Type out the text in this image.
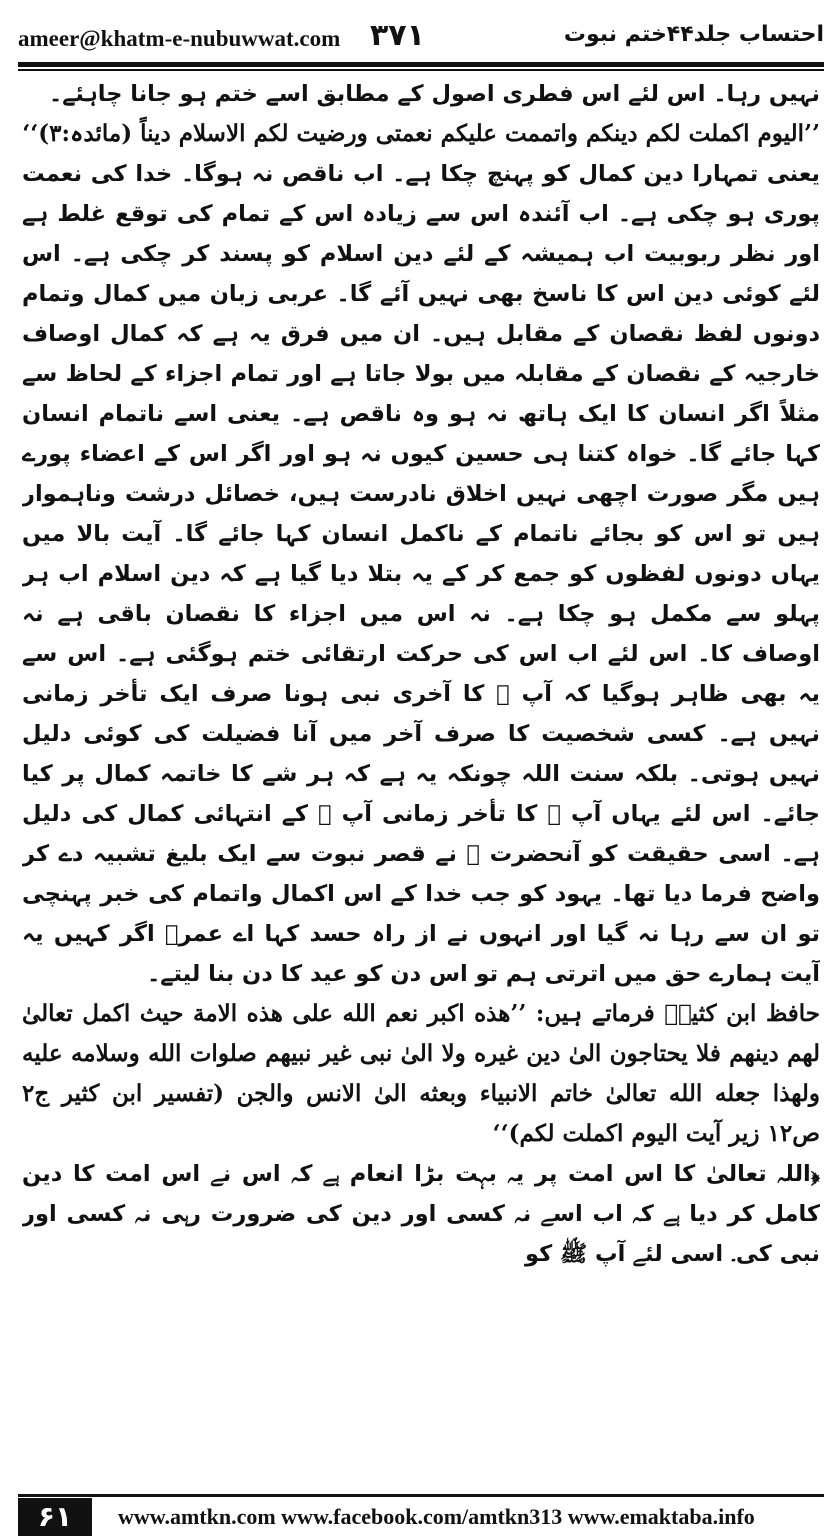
ameer@khatm-e-nubuwwat.com ۳۷۱	احتساب جلد۴۴ختم نبوت

نہیں رہا۔ اس لئے اس فطری اصول کے مطابق اسے ختم ہو جانا چاہئے۔

’’الیوم اکملت لکم دینکم واتممت علیکم نعمتی ورضیت لکم الاسلام دیناً (مائدہ:۳)‘‘

یعنی تمہارا دین کمال کو پہنچ چکا ہے۔ اب ناقص نہ ہوگا۔ خدا کی نعمت پوری ہو چکی ہے۔ اب آئندہ اس سے زیادہ اس کے تمام کی توقع غلط ہے اور نظر ربوبیت اب ہمیشہ کے لئے دین اسلام کو پسند کر چکی ہے۔ اس لئے کوئی دین اس کا ناسخ بھی نہیں آئے گا۔ عربی زبان میں کمال وتمام دونوں لفظ نقصان کے مقابل ہیں۔ ان میں فرق یہ ہے کہ کمال اوصاف خارجیہ کے نقصان کے مقابلہ میں بولا جاتا ہے اور تمام اجزاء کے لحاظ سے مثلاً اگر انسان کا ایک ہاتھ نہ ہو وہ ناقص ہے۔ یعنی اسے ناتمام انسان کہا جائے گا۔ خواہ کتنا ہی حسین کیوں نہ ہو اور اگر اس کے اعضاء پورے ہیں مگر صورت اچھی نہیں اخلاق نادرست ہیں، خصائل درشت وناہموار ہیں تو اس کو بجائے ناتمام کے ناکمل انسان کہا جائے گا۔ آیت بالا میں یہاں دونوں لفظوں کو جمع کر کے یہ بتلا دیا گیا ہے کہ دین اسلام اب ہر پہلو سے مکمل ہو چکا ہے۔ نہ اس میں اجزاء کا نقصان باقی ہے نہ اوصاف کا۔ اس لئے اب اس کی حرکت ارتقائی ختم ہوگئی ہے۔ اس سے یہ بھی ظاہر ہوگیا کہ آپ ﷺ کا آخری نبی ہونا صرف ایک تأخر زمانی نہیں ہے۔ کسی شخصیت کا صرف آخر میں آنا فضیلت کی کوئی دلیل نہیں ہوتی۔ بلکہ سنت اللہ چونکہ یہ ہے کہ ہر شے کا خاتمہ کمال پر کیا جائے۔ اس لئے یہاں آپ ﷺ کا تأخر زمانی آپ ﷺ کے انتہائی کمال کی دلیل ہے۔ اسی حقیقت کو آنحضرت ﷺ نے قصر نبوت سے ایک بلیغ تشبیہ دے کر واضح فرما دیا تھا۔ یہود کو جب خدا کے اس اکمال واتمام کی خبر پہنچی تو ان سے رہا نہ گیا اور انہوں نے از راہ حسد کہا اے عمرؓ اگر کہیں یہ آیت ہمارے حق میں اترتی ہم تو اس دن کو عید کا دن بنا لیتے۔

حافظ ابن کثیرؒ فرماتے ہیں: ’’هذه اکبر نعم الله علی هذه الامة حیث اکمل تعالیٰ لهم دینهم فلا یحتاجون الیٰ دین غیره ولا الیٰ نبی غیر نبیهم صلوات الله وسلامه علیه ولهذا جعله الله تعالیٰ خاتم الانبیاء وبعثه الیٰ الانس والجن (تفسیر ابن کثیر ج۲ ص۱۲ زیر آیت الیوم اکملت لکم)‘‘

﴿اللہ تعالیٰ کا اس امت پر یہ بہت بڑا انعام ہے کہ اس نے اس امت کا دین کامل کر دیا ہے کہ اب اسے نہ کسی اور دین کی ضرورت رہی نہ کسی اور نبی کی۔ اسی لئے آپ ﷺ کو

۶۱	www.amtkn.com www.facebook.com/amtkn313 www.emaktaba.info
